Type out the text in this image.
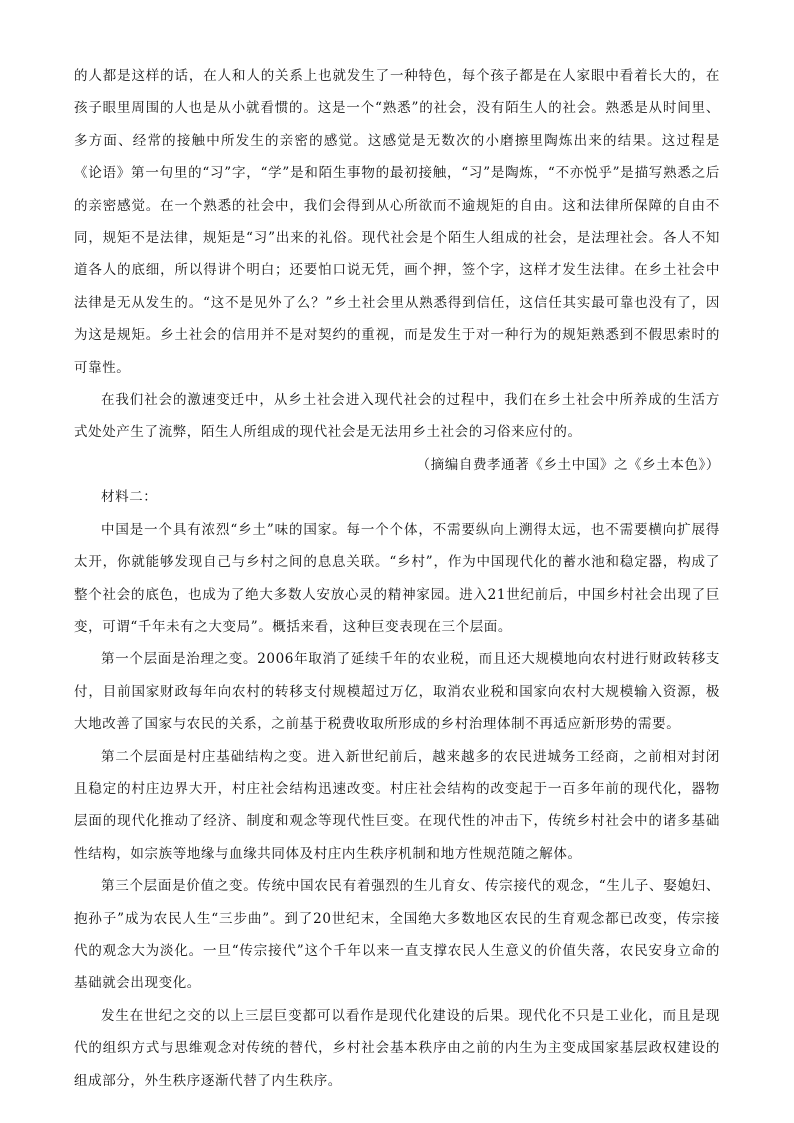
的人都是这样的话，在人和人的关系上也就发生了一种特色，每个孩子都是在人家眼中看着长大的，在孩子眼里周围的人也是从小就看惯的。这是一个“熟悉”的社会，没有陌生人的社会。熟悉是从时间里、多方面、经常的接触中所发生的亲密的感觉。这感觉是无数次的小磨擦里陶炼出来的结果。这过程是《论语》第一句里的“习”字，“学”是和陌生事物的最初接触，“习”是陶炼，“不亦悦乎”是描写熟悉之后的亲密感觉。在一个熟悉的社会中，我们会得到从心所欲而不逾规矩的自由。这和法律所保障的自由不同，规矩不是法律，规矩是“习”出来的礼俗。现代社会是个陌生人组成的社会，是法理社会。各人不知道各人的底细，所以得讲个明白；还要怕口说无凭，画个押，签个字，这样才发生法律。在乡土社会中法律是无从发生的。“这不是见外了么？”乡土社会里从熟悉得到信任，这信任其实最可靠也没有了，因为这是规矩。乡土社会的信用并不是对契约的重视，而是发生于对一种行为的规矩熟悉到不假思索时的可靠性。

在我们社会的激速变迁中，从乡土社会进入现代社会的过程中，我们在乡土社会中所养成的生活方式处处产生了流弊，陌生人所组成的现代社会是无法用乡土社会的习俗来应付的。

（摘编自费孝通著《乡土中国》之《乡土本色》）

材料二：

中国是一个具有浓烈“乡土”味的国家。每一个个体，不需要纵向上溯得太远，也不需要横向扩展得太开，你就能够发现自己与乡村之间的息息关联。“乡村”，作为中国现代化的蓄水池和稳定器，构成了整个社会的底色，也成为了绝大多数人安放心灵的精神家园。进入21世纪前后，中国乡村社会出现了巨变，可谓“千年未有之大变局”。概括来看，这种巨变表现在三个层面。

第一个层面是治理之变。2006年取消了延续千年的农业税，而且还大规模地向农村进行财政转移支付，目前国家财政每年向农村的转移支付规模超过万亿，取消农业税和国家向农村大规模输入资源，极大地改善了国家与农民的关系，之前基于税费收取所形成的乡村治理体制不再适应新形势的需要。

第二个层面是村庄基础结构之变。进入新世纪前后，越来越多的农民进城务工经商，之前相对封闭且稳定的村庄边界大开，村庄社会结构迅速改变。村庄社会结构的改变起于一百多年前的现代化，器物层面的现代化推动了经济、制度和观念等现代性巨变。在现代性的冲击下，传统乡村社会中的诸多基础性结构，如宗族等地缘与血缘共同体及村庄内生秩序机制和地方性规范随之解体。

第三个层面是价值之变。传统中国农民有着强烈的生儿育女、传宗接代的观念，“生儿子、娶媳妇、抱孙子”成为农民人生“三步曲”。到了20世纪末，全国绝大多数地区农民的生育观念都已改变，传宗接代的观念大为淡化。一旦“传宗接代”这个千年以来一直支撑农民人生意义的价值失落，农民安身立命的基础就会出现变化。

发生在世纪之交的以上三层巨变都可以看作是现代化建设的后果。现代化不只是工业化，而且是现代的组织方式与思维观念对传统的替代，乡村社会基本秩序由之前的内生为主变成国家基层政权建设的组成部分，外生秩序逐渐代替了内生秩序。
